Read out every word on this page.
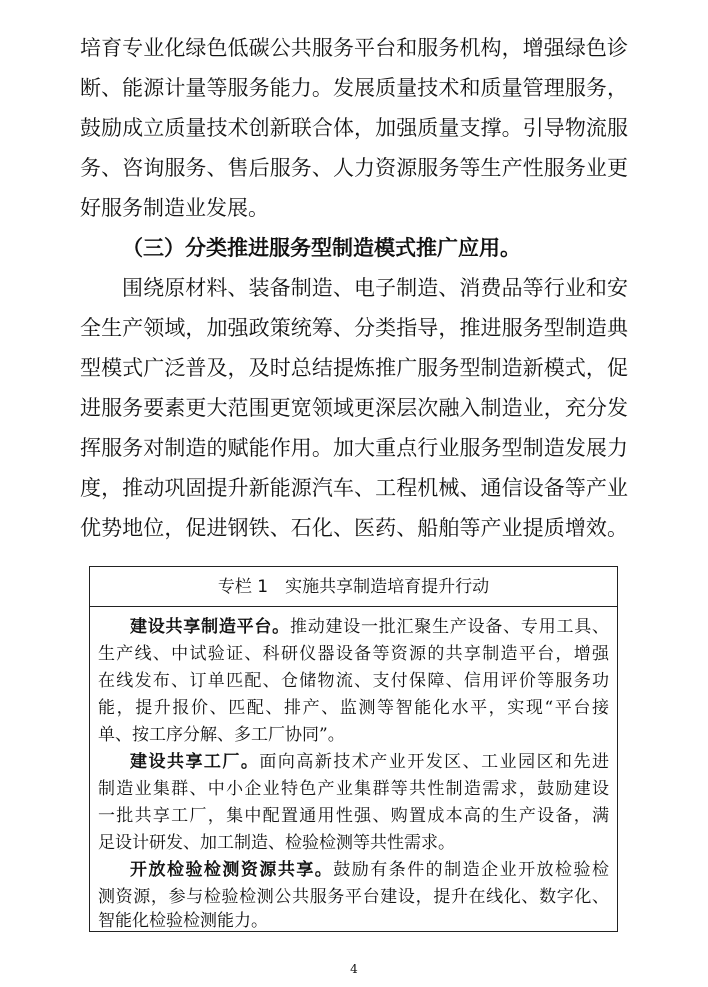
培育专业化绿色低碳公共服务平台和服务机构，增强绿色诊
断、能源计量等服务能力。发展质量技术和质量管理服务，
鼓励成立质量技术创新联合体，加强质量支撑。引导物流服
务、咨询服务、售后服务、人力资源服务等生产性服务业更
好服务制造业发展。
（三）分类推进服务型制造模式推广应用。
围绕原材料、装备制造、电子制造、消费品等行业和安
全生产领域，加强政策统筹、分类指导，推进服务型制造典
型模式广泛普及，及时总结提炼推广服务型制造新模式，促
进服务要素更大范围更宽领域更深层次融入制造业，充分发
挥服务对制造的赋能作用。加大重点行业服务型制造发展力
度，推动巩固提升新能源汽车、工程机械、通信设备等产业
优势地位，促进钢铁、石化、医药、船舶等产业提质增效。
专栏 1　实施共享制造培育提升行动
建设共享制造平台。推动建设一批汇聚生产设备、专用工具、
生产线、中试验证、科研仪器设备等资源的共享制造平台，增强
在线发布、订单匹配、仓储物流、支付保障、信用评价等服务功
能，提升报价、匹配、排产、监测等智能化水平，实现“平台接
单、按工序分解、多工厂协同”。
建设共享工厂。面向高新技术产业开发区、工业园区和先进
制造业集群、中小企业特色产业集群等共性制造需求，鼓励建设
一批共享工厂，集中配置通用性强、购置成本高的生产设备，满
足设计研发、加工制造、检验检测等共性需求。
开放检验检测资源共享。鼓励有条件的制造企业开放检验检
测资源，参与检验检测公共服务平台建设，提升在线化、数字化、
智能化检验检测能力。
4
